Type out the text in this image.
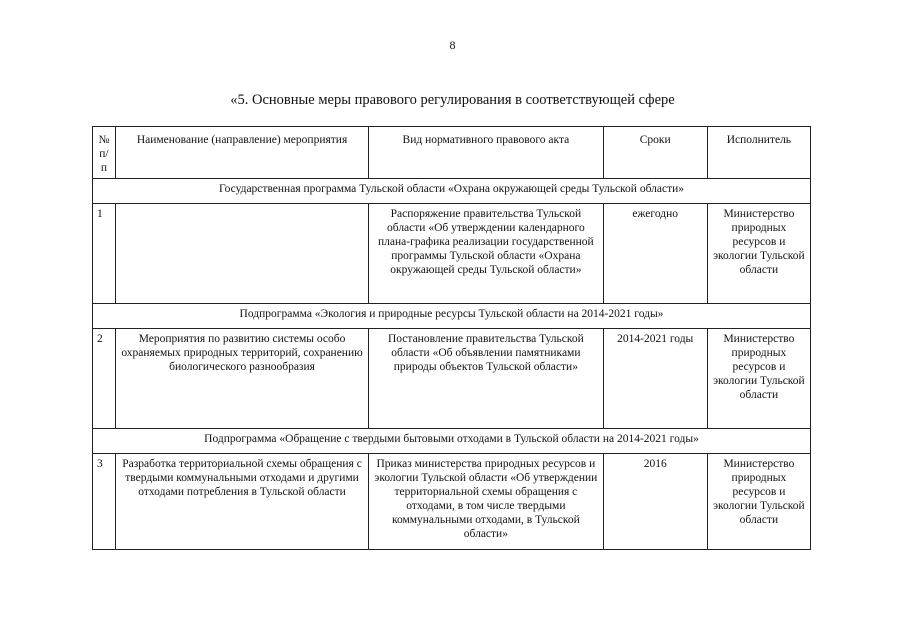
8
«5. Основные меры правового регулирования в соответствующей сфере
№ п/п	Наименование (направление) мероприятия	Вид нормативного правового акта	Сроки	Исполнитель
Государственная программа Тульской области «Охрана окружающей среды Тульской области»				
1		Распоряжение правительства Тульской области «Об утверждении календарного плана-графика реализации государственной программы Тульской области «Охрана окружающей среды Тульской области»	ежегодно	Министерство природных ресурсов и экологии Тульской области
Подпрограмма «Экология и природные ресурсы Тульской области на 2014-2021 годы»				
2	Мероприятия по развитию системы особо охраняемых природных территорий, сохранению биологического разнообразия	Постановление правительства Тульской области «Об объявлении памятниками природы объектов Тульской области»	2014-2021 годы	Министерство природных ресурсов и экологии Тульской области
Подпрограмма «Обращение с твердыми бытовыми отходами в Тульской области на 2014-2021 годы»				
3	Разработка территориальной схемы обращения с твердыми коммунальными отходами и другими отходами потребления в Тульской области	Приказ министерства природных ресурсов и экологии Тульской области «Об утверждении территориальной схемы обращения с отходами, в том числе твердыми коммунальными отходами, в Тульской области»	2016	Министерство природных ресурсов и экологии Тульской области
